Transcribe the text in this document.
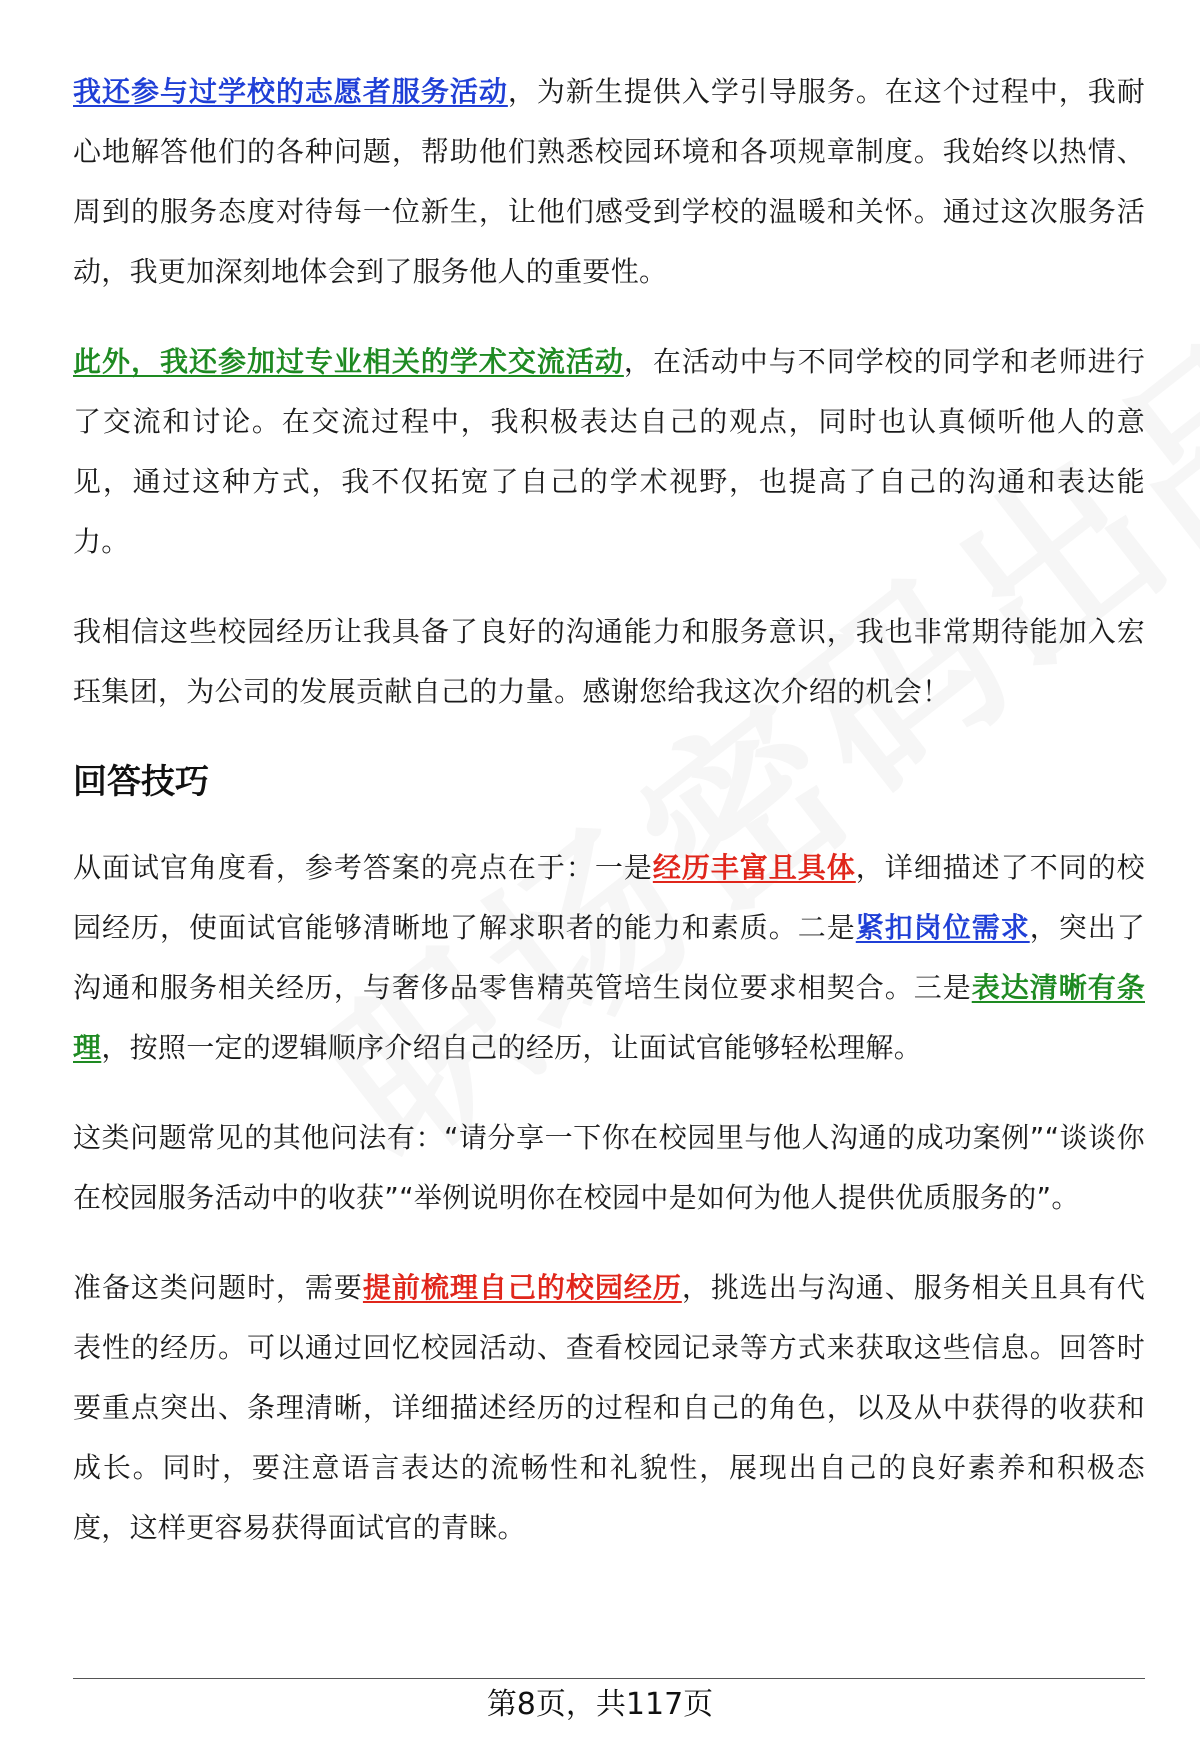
我还参与过学校的志愿者服务活动，为新生提供入学引导服务。在这个过程中，我耐心地解答他们的各种问题，帮助他们熟悉校园环境和各项规章制度。我始终以热情、周到的服务态度对待每一位新生，让他们感受到学校的温暖和关怀。通过这次服务活动，我更加深刻地体会到了服务他人的重要性。

此外，我还参加过专业相关的学术交流活动，在活动中与不同学校的同学和老师进行了交流和讨论。在交流过程中，我积极表达自己的观点，同时也认真倾听他人的意见，通过这种方式，我不仅拓宽了自己的学术视野，也提高了自己的沟通和表达能力。

我相信这些校园经历让我具备了良好的沟通能力和服务意识，我也非常期待能加入宏珏集团，为公司的发展贡献自己的力量。感谢您给我这次介绍的机会！

回答技巧

从面试官角度看，参考答案的亮点在于：一是经历丰富且具体，详细描述了不同的校园经历，使面试官能够清晰地了解求职者的能力和素质。二是紧扣岗位需求，突出了沟通和服务相关经历，与奢侈品零售精英管培生岗位要求相契合。三是表达清晰有条理，按照一定的逻辑顺序介绍自己的经历，让面试官能够轻松理解。

这类问题常见的其他问法有：“请分享一下你在校园里与他人沟通的成功案例”“谈谈你在校园服务活动中的收获”“举例说明你在校园中是如何为他人提供优质服务的”。

准备这类问题时，需要提前梳理自己的校园经历，挑选出与沟通、服务相关且具有代表性的经历。可以通过回忆校园活动、查看校园记录等方式来获取这些信息。回答时要重点突出、条理清晰，详细描述经历的过程和自己的角色，以及从中获得的收获和成长。同时，要注意语言表达的流畅性和礼貌性，展现出自己的良好素养和积极态度，这样更容易获得面试官的青睐。

第8页，共117页
